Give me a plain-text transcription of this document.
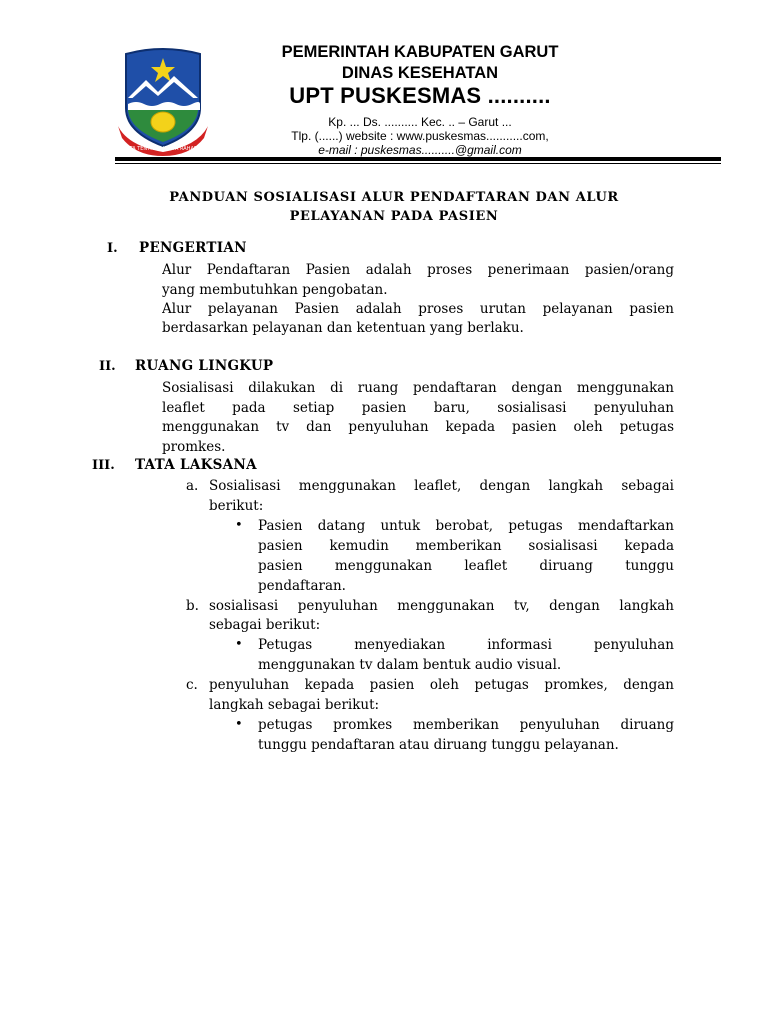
TATA TENTREM KERTA RAHARJA
PEMERINTAH KABUPATEN GARUT
DINAS KESEHATAN
UPT PUSKESMAS ..........
Kp. ... Ds. .......... Kec. .. – Garut ...
Tlp. (......) website : www.puskesmas...........com,
e-mail : puskesmas..........@gmail.com
PANDUAN SOSIALISASI ALUR PENDAFTARAN DAN ALUR
PELAYANAN PADA PASIEN
I. PENGERTIAN
Alur Pendaftaran Pasien adalah proses penerimaan pasien/orang
yang membutuhkan pengobatan.
Alur pelayanan Pasien adalah proses urutan pelayanan pasien
berdasarkan pelayanan dan ketentuan yang berlaku.
II. RUANG LINGKUP
Sosialisasi dilakukan di ruang pendaftaran dengan menggunakan
leaflet pada setiap pasien baru, sosialisasi penyuluhan
menggunakan tv dan penyuluhan kepada pasien oleh petugas
promkes.
III. TATA LAKSANA
a. Sosialisasi menggunakan leaflet, dengan langkah sebagai
berikut:
• Pasien datang untuk berobat, petugas mendaftarkan
pasien kemudin memberikan sosialisasi kepada
pasien menggunakan leaflet diruang tunggu
pendaftaran.
b. sosialisasi penyuluhan menggunakan tv, dengan langkah
sebagai berikut:
• Petugas menyediakan informasi penyuluhan
menggunakan tv dalam bentuk audio visual.
c. penyuluhan kepada pasien oleh petugas promkes, dengan
langkah sebagai berikut:
• petugas promkes memberikan penyuluhan diruang
tunggu pendaftaran atau diruang tunggu pelayanan.
